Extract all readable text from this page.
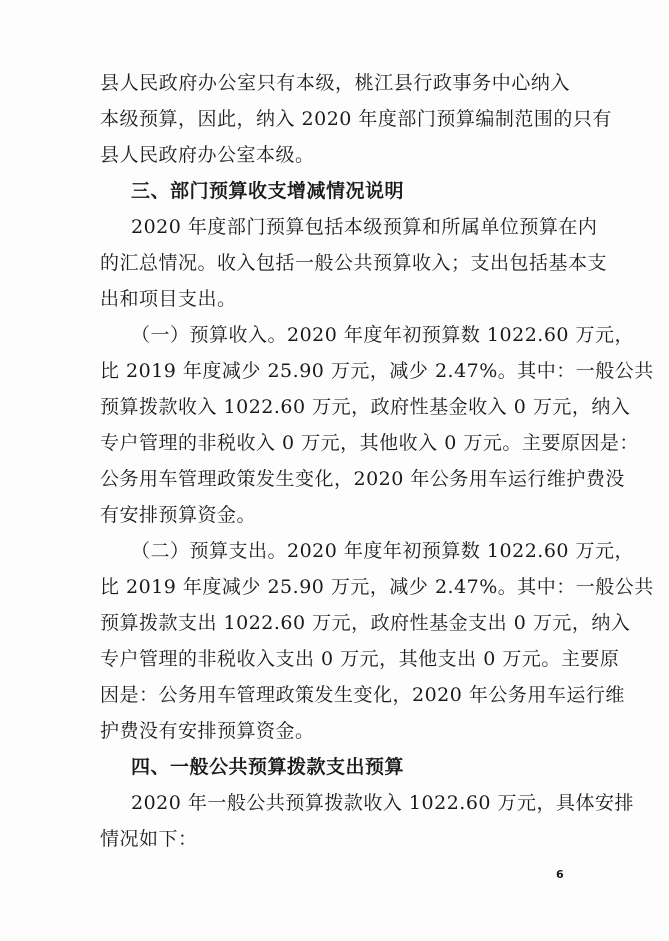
县人民政府办公室只有本级，桃江县行政事务中心纳入
本级预算，因此，纳入 2020 年度部门预算编制范围的只有
县人民政府办公室本级。
三、部门预算收支增减情况说明
2020 年度部门预算包括本级预算和所属单位预算在内
的汇总情况。收入包括一般公共预算收入；支出包括基本支
出和项目支出。
（一）预算收入。2020 年度年初预算数 1022.60 万元，
比 2019 年度减少 25.90 万元，减少 2.47%。其中：一般公共
预算拨款收入 1022.60 万元，政府性基金收入 0 万元，纳入
专户管理的非税收入 0 万元，其他收入 0 万元。主要原因是：
公务用车管理政策发生变化，2020 年公务用车运行维护费没
有安排预算资金。
（二）预算支出。2020 年度年初预算数 1022.60 万元，
比 2019 年度减少 25.90 万元，减少 2.47%。其中：一般公共
预算拨款支出 1022.60 万元，政府性基金支出 0 万元，纳入
专户管理的非税收入支出 0 万元，其他支出 0 万元。主要原
因是：公务用车管理政策发生变化，2020 年公务用车运行维
护费没有安排预算资金。
四、一般公共预算拨款支出预算
2020 年一般公共预算拨款收入 1022.60 万元，具体安排
情况如下：
6
